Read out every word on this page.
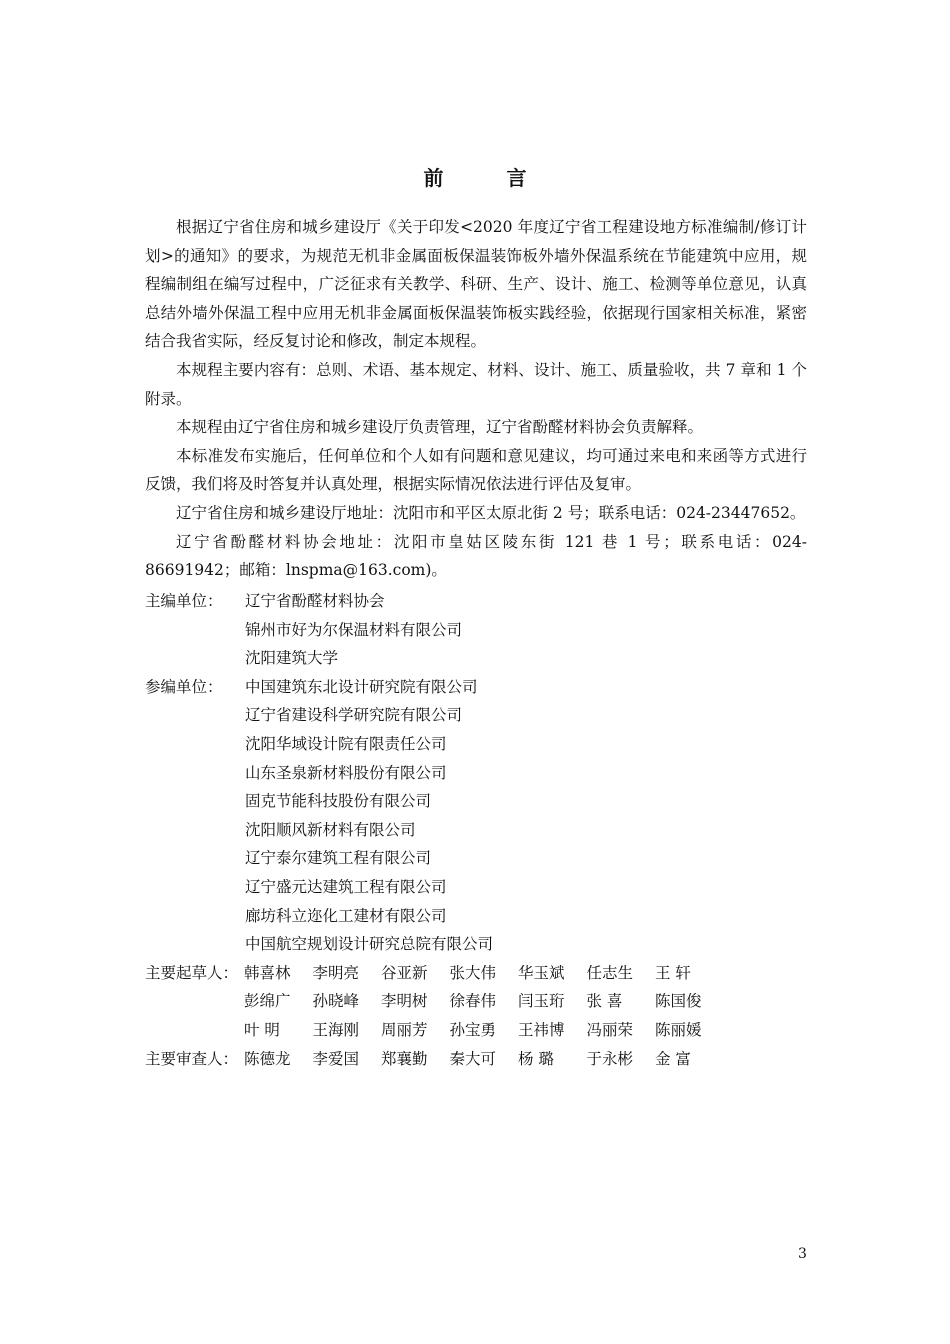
前 言

根据辽宁省住房和城乡建设厅《关于印发<2020 年度辽宁省工程建设地方标准编制/修订计划>的通知》的要求，为规范无机非金属面板保温装饰板外墙外保温系统在节能建筑中应用，规程编制组在编写过程中，广泛征求有关教学、科研、生产、设计、施工、检测等单位意见，认真总结外墙外保温工程中应用无机非金属面板保温装饰板实践经验，依据现行国家相关标准，紧密结合我省实际，经反复讨论和修改，制定本规程。

本规程主要内容有：总则、术语、基本规定、材料、设计、施工、质量验收，共 7 章和 1 个附录。

本规程由辽宁省住房和城乡建设厅负责管理，辽宁省酚醛材料协会负责解释。

本标准发布实施后，任何单位和个人如有问题和意见建议，均可通过来电和来函等方式进行反馈，我们将及时答复并认真处理，根据实际情况依法进行评估及复审。

辽宁省住房和城乡建设厅地址：沈阳市和平区太原北街 2 号；联系电话：024-23447652。

辽宁省酚醛材料协会地址：沈阳市皇姑区陵东街 121 巷 1 号；联系电话：024-86691942；邮箱：lnspma@163.com)。

主编单位： 辽宁省酚醛材料协会
锦州市好为尔保温材料有限公司
沈阳建筑大学
参编单位： 中国建筑东北设计研究院有限公司
辽宁省建设科学研究院有限公司
沈阳华域设计院有限责任公司
山东圣泉新材料股份有限公司
固克节能科技股份有限公司
沈阳顺风新材料有限公司
辽宁泰尔建筑工程有限公司
辽宁盛元达建筑工程有限公司
廊坊科立迩化工建材有限公司
中国航空规划设计研究总院有限公司
主要起草人： 韩喜林	李明亮	谷亚新	张大伟	华玉斌	任志生	王 轩
彭绵广	孙晓峰	李明树	徐春伟	闫玉珩	张 喜	陈国俊
叶 明	王海刚	周丽芳	孙宝勇	王祎博	冯丽荣	陈丽媛
主要审查人： 陈德龙	李爱国	郑襄勤	秦大可	杨 璐	于永彬	金 富
3
